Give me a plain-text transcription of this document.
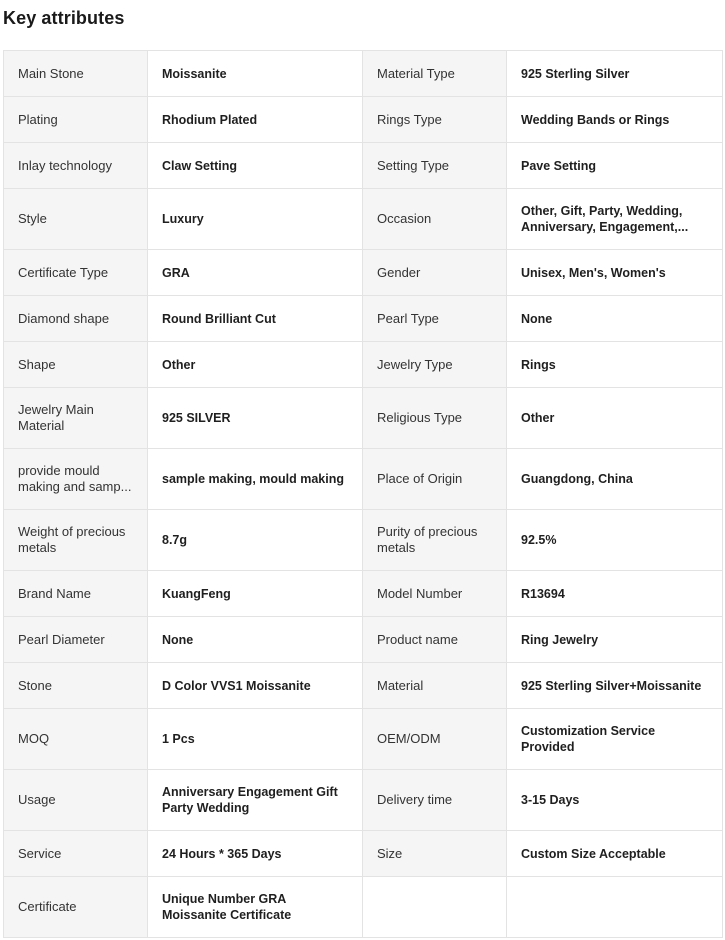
Key attributes
Main Stone	Moissanite	Material Type	925 Sterling Silver

Plating	Rhodium Plated	Rings Type	Wedding Bands or Rings

Inlay technology	Claw Setting	Setting Type	Pave Setting

Style	Luxury	Occasion	Other, Gift, Party, Wedding, Anniversary, Engagement,...

Certificate Type	GRA	Gender	Unisex, Men's, Women's

Diamond shape	Round Brilliant Cut	Pearl Type	None

Shape	Other	Jewelry Type	Rings

Jewelry Main Material	925 SILVER	Religious Type	Other

provide mould making and samp...	sample making, mould making	Place of Origin	Guangdong, China

Weight of precious metals	8.7g	Purity of precious metals	92.5%

Brand Name	KuangFeng	Model Number	R13694

Pearl Diameter	None	Product name	Ring Jewelry

Stone	D Color VVS1 Moissanite	Material	925 Sterling Silver+Moissanite

MOQ	1 Pcs	OEM/ODM	Customization Service Provided

Usage	Anniversary Engagement Gift Party Wedding	Delivery time	3-15 Days

Service	24 Hours * 365 Days	Size	Custom Size Acceptable

Certificate	Unique Number GRA Moissanite Certificate		
